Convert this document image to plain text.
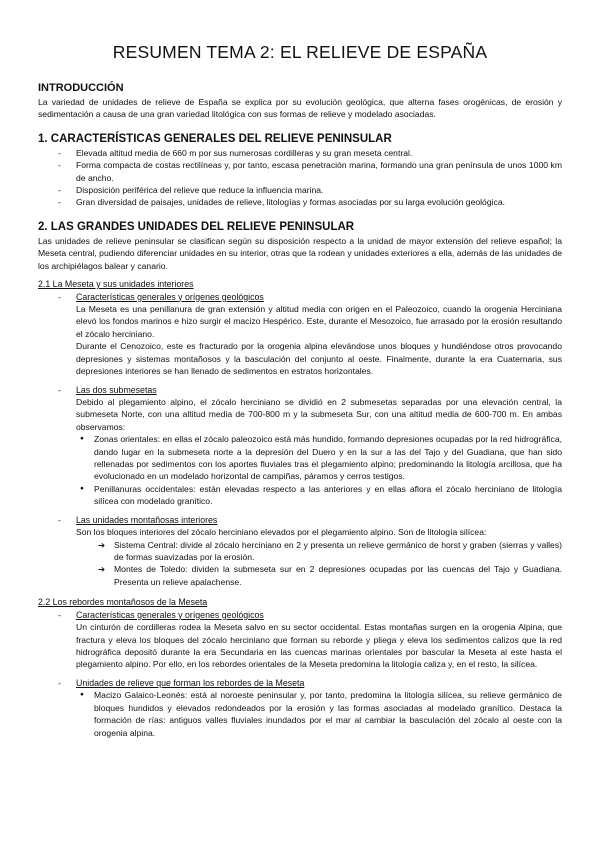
RESUMEN TEMA 2: EL RELIEVE DE ESPAÑA
INTRODUCCIÓN

La variedad de unidades de relieve de España se explica por su evolución geológica, que alterna fases orogénicas, de erosión y sedimentación a causa de una gran variedad litológica con sus formas de relieve y modelado asociadas.

1. CARACTERÍSTICAS GENERALES DEL RELIEVE PENINSULAR
- Elevada altitud media de 660 m por sus numerosas cordilleras y su gran meseta central.
- Forma compacta de costas rectilíneas y, por tanto, escasa penetración marina, formando una gran península de unos 1000 km de ancho.
- Disposición periférica del relieve que reduce la influencia marina.
- Gran diversidad de paisajes, unidades de relieve, litologías y formas asociadas por su larga evolución geológica.
2. LAS GRANDES UNIDADES DEL RELIEVE PENINSULAR

Las unidades de relieve peninsular se clasifican según su disposición respecto a la unidad de mayor extensión del relieve español; la Meseta central, pudiendo diferenciar unidades en su interior, otras que la rodean y unidades exteriores a ella, además de las unidades de los archipiélagos balear y canario.

2.1 La Meseta y sus unidades interiores
- Características generales y orígenes geológicos

La Meseta es una penillanura de gran extensión y altitud media con origen en el Paleozoico, cuando la orogenia Herciniana elevó los fondos marinos e hizo surgir el macizo Hespérico. Este, durante el Mesozoico, fue arrasado por la erosión resultando el zócalo herciniano.

Durante el Cenozoico, este es fracturado por la orogenia alpina elevándose unos bloques y hundiéndose otros provocando depresiones y sistemas montañosos y la basculación del conjunto al oeste. Finalmente, durante la era Cuaternaria, sus depresiones interiores se han llenado de sedimentos en estratos horizontales.

- Las dos submesetas

Debido al plegamiento alpino, el zócalo herciniano se dividió en 2 submesetas separadas por una elevación central, la submeseta Norte, con una altitud media de 700-800 m y la submeseta Sur, con una altitud media de 600-700 m. En ambas observamos:

● Zonas orientales: en ellas el zócalo paleozoico está más hundido, formando depresiones ocupadas por la red hidrográfica, dando lugar en la submeseta norte a la depresión del Duero y en la sur a las del Tajo y del Guadiana, que han sido rellenadas por sedimentos con los aportes fluviales tras el plegamiento alpino; predominando la litología arcillosa, que ha evolucionado en un modelado horizontal de campiñas, páramos y cerros testigos.
● Penillanuras occidentales: están elevadas respecto a las anteriores y en ellas aflora el zócalo herciniano de litología silícea con modelado granítico.
- Las unidades montañosas interiores

Son los bloques interiores del zócalo herciniano elevados por el plegamiento alpino. Son de litología silícea:

➔ Sistema Central: divide al zócalo herciniano en 2 y presenta un relieve germánico de horst y graben (sierras y valles) de formas suavizadas por la erosión.
➔ Montes de Toledo: dividen la submeseta sur en 2 depresiones ocupadas por las cuencas del Tajo y Guadiana. Presenta un relieve apalachense.
2.2 Los rebordes montañosos de la Meseta
- Características generales y orígenes geológicos

Un cinturón de cordilleras rodea la Meseta salvo en su sector occidental. Estas montañas surgen en la orogenia Alpina, que fractura y eleva los bloques del zócalo herciniano que forman su reborde y pliega y eleva los sedimentos calizos que la red hidrográfica depositó durante la era Secundaria en las cuencas marinas orientales por bascular la Meseta al este hasta el plegamiento alpino. Por ello, en los rebordes orientales de la Meseta predomina la litología caliza y, en el resto, la silícea.

- Unidades de relieve que forman los rebordes de la Meseta
● Macizo Galaico-Leonés: está al noroeste peninsular y, por tanto, predomina la litología silícea, su relieve germánico de bloques hundidos y elevados redondeados por la erosión y las formas asociadas al modelado granítico. Destaca la formación de rías: antiguos valles fluviales inundados por el mar al cambiar la basculación del zócalo al oeste con la orogenia alpina.
